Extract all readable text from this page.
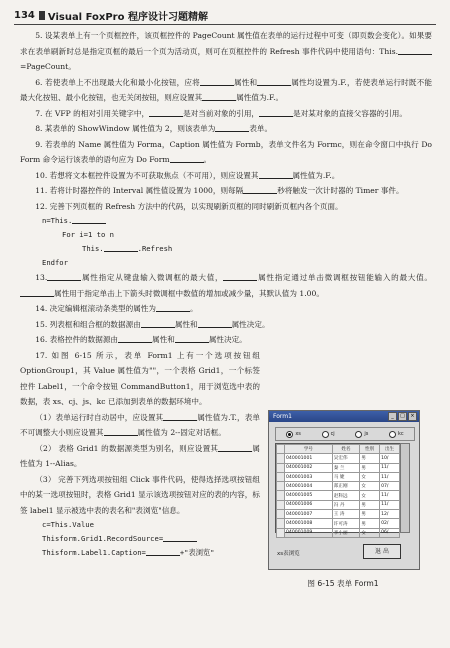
134 Visual FoxPro 程序设计习题精解

5. 设某表单上有一个页框控件，该页框控件的 PageCount 属性值在表单的运行过程中可变（即页数会变化）。如果要求在表单刷新时总是指定页框的最后一个页为活动页，则可在页框控件的 Refresh 事件代码中使用语句：This.=PageCount。

6. 若使表单上不出现最大化和最小化按钮，应将	属性和	属性均设置为.F.，若使表单运行时既不能最大化按钮、最小化按钮，也无关闭按钮，则应设置其	属性值为.F.。

7. 在 VFP 的相对引用关键字中，	是对当前对象的引用，	是对某对象的直接父容器的引用。

8. 某表单的 ShowWindow 属性值为 2，则该表单为	表单。

9. 若表单的 Name 属性值为 Forma，Caption 属性值为 Formb，表单文件名为 Formc，则在命令窗口中执行 Do Form 命令运行该表单的语句应为 Do Form	。

10. 若想将文本框控件设置为不可获取焦点（不可用），则应设置其	属性值为.F.。

11. 若将计时器控件的 Interval 属性值设置为 1000，则每隔	秒将触发一次计时器的 Timer 事件。

12. 完善下列页框的 Refresh 方法中的代码，以实现刷新页框的同时刷新页框内各个页面。

n=This.
For i=1 to n
This.	.Refresh
Endfor

13.	属性指定从键盘输入微调框的最大值，	属性指定通过单击微调框按钮能输入的最大值。属性用于指定单击上下箭头时微调框中数值的增加或减少量，其默认值为 1.00。

14. 决定编辑框滚动条类型的属性为	。

15. 列表框和组合框的数据源由	属性和	属性决定。

16. 表格控件的数据源由	属性和	属性决定。

17. 如图 6-15 所示，表单 Form1 上有一个选项按钮组 OptionGroup1，其 Value 属性值为""，一个表格 Grid1，一个标签控件 Label1，一个命令按钮 CommandButton1，用于浏览选中表的数据，表 xs、cj、js、kc 已添加到表单的数据环境中。

（1）表单运行时自动居中，应设置其	属性值为.T.，表单不可调整大小则应设置其	属性值为 2--固定对话框。

（2） 表格 Grid1 的数据源类型为别名，则应设置其	属性值为 1--Alias。

（3） 完善下列选项按钮组 Click 事件代码，使得选择选项按钮组中的某一选项按钮时，表格 Grid1 显示该选项按钮对应的表的内容，标签 label1 显示被选中表的表名和"表浏览"信息。

c=This.Value
Thisform.Grid1.RecordSource=
Thisform.Label1.Caption=	+"表浏览"
Form1	_	□	×
xs	cj	js	kc
	学号	姓名	性别	出生
	040001001	吴宏伟	男	10/
	040001002	秦 兰	男	11/
	040001003	马 婕	女	11/
	040001004	郑正刚	女	07/
	040001005	赵科远	女	11/
	040001006	冯 丹	男	11/
	040001007	王 涛	男	12/
	040001008	许可涛	男	02/
	040001009	李小丽	女	06/
xs表浏览	退 出
图 6-15 表单 Form1
